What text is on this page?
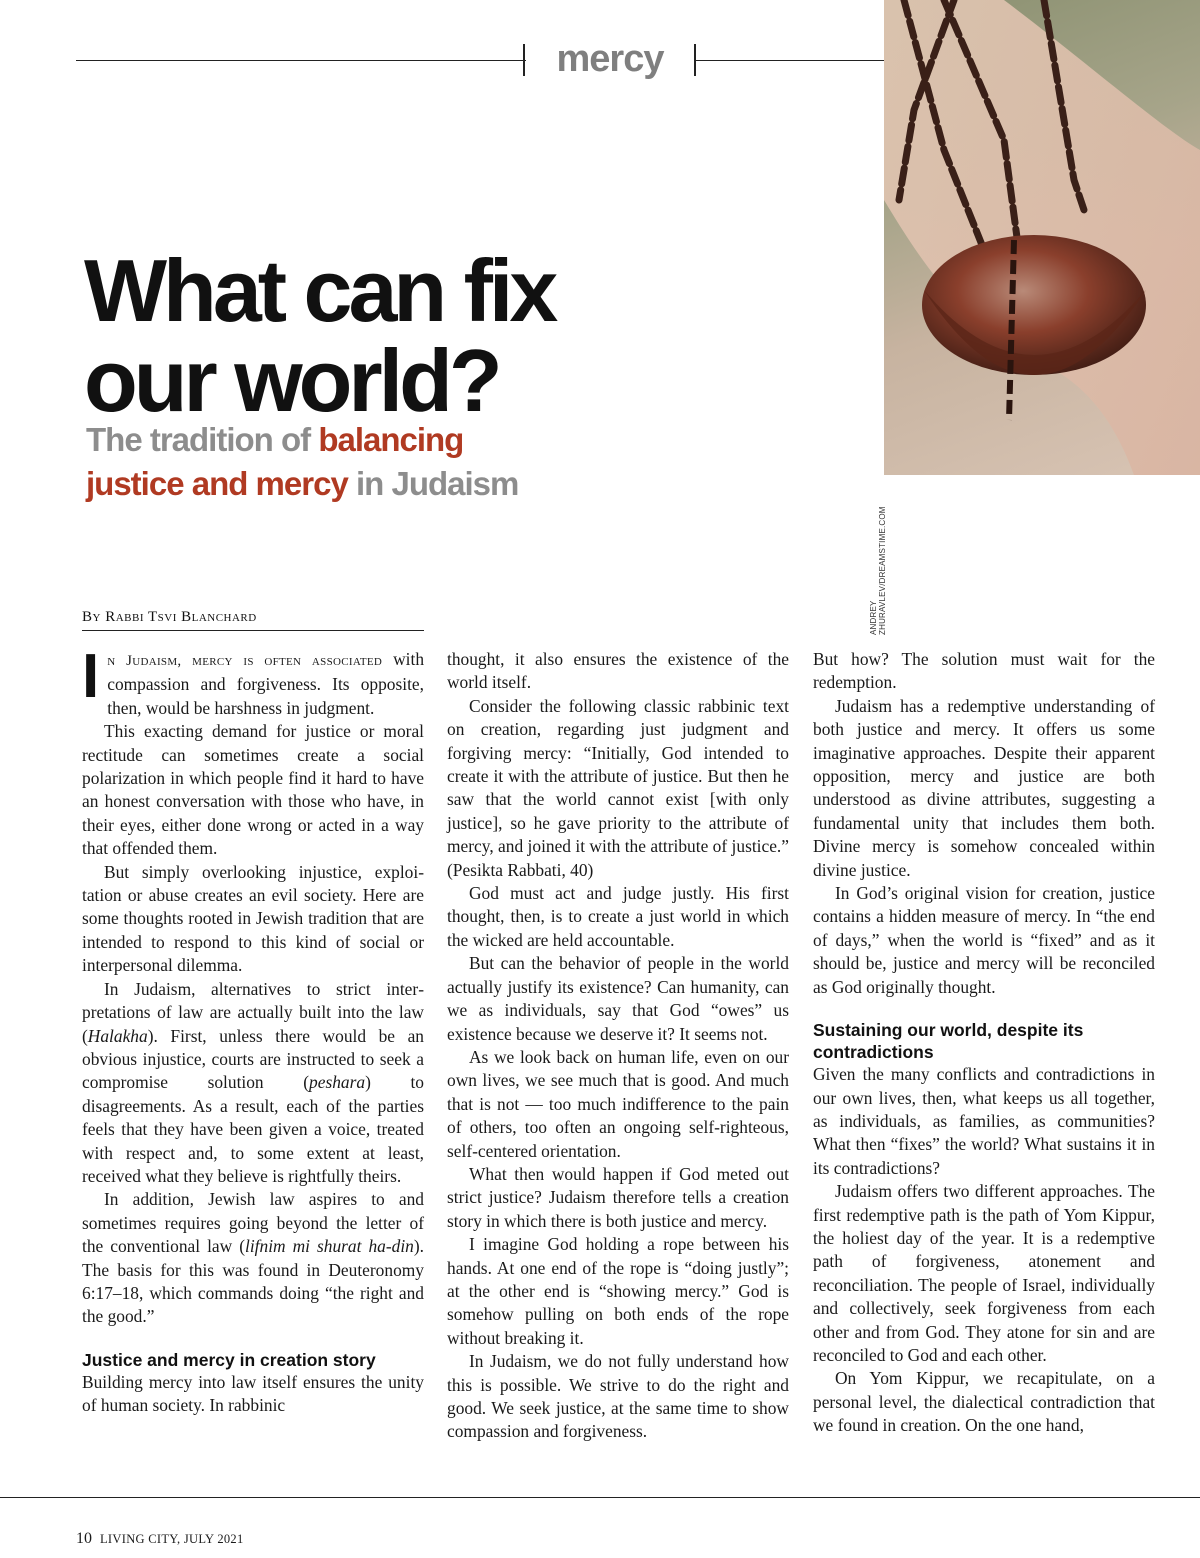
mercy
ANDREY ZHURAVLEV/DREAMSTIME.COM
What can fix
our world?
The tradition of balancing
justice and mercy in Judaism
By Rabbi Tsvi Blanchard

In Judaism, mercy is often associated with compassion and forgiveness. Its opposite, then, would be harshness in judgment.

This exacting demand for justice or moral rectitude can sometimes create a social polarization in which people find it hard to have an honest conversation with those who have, in their eyes, either done wrong or acted in a way that offended them.

But simply overlooking injustice, exploitation or abuse creates an evil society. Here are some thoughts rooted in Jewish tradition that are intended to respond to this kind of social or interpersonal dilemma.

In Judaism, alternatives to strict interpretations of law are actually built into the law (Halakha). First, unless there would be an obvious injustice, courts are instructed to seek a compromise solution (peshara) to disagreements. As a result, each of the parties feels that they have been given a voice, treated with respect and, to some extent at least, received what they believe is rightfully theirs.

In addition, Jewish law aspires to and sometimes requires going beyond the letter of the conventional law (lifnim mi shurat ha-din). The basis for this was found in Deuteronomy 6:17–18, which commands doing “the right and the good.”

Justice and mercy in creation story

Building mercy into law itself ensures the unity of human society. In rabbinic

thought, it also ensures the existence of the world itself.

Consider the following classic rabbinic text on creation, regarding just judgment and forgiving mercy: “Initially, God intended to create it with the attribute of justice. But then he saw that the world cannot exist [with only justice], so he gave priority to the attribute of mercy, and joined it with the attribute of justice.” (Pesikta Rabbati, 40)

God must act and judge justly. His first thought, then, is to create a just world in which the wicked are held accountable.

But can the behavior of people in the world actually justify its existence? Can humanity, can we as individuals, say that God “owes” us existence because we deserve it? It seems not.

As we look back on human life, even on our own lives, we see much that is good. And much that is not — too much indifference to the pain of others, too often an ongoing self-righteous, self-centered orientation.

What then would happen if God meted out strict justice? Judaism therefore tells a creation story in which there is both justice and mercy.

I imagine God holding a rope between his hands. At one end of the rope is “doing justly”; at the other end is “showing mercy.” God is somehow pulling on both ends of the rope without breaking it.

In Judaism, we do not fully understand how this is possible. We strive to do the right and good. We seek justice, at the same time to show compassion and forgiveness.

But how? The solution must wait for the redemption.

Judaism has a redemptive understanding of both justice and mercy. It offers us some imaginative approaches. Despite their apparent opposition, mercy and justice are both understood as divine attributes, suggesting a fundamental unity that includes them both. Divine mercy is somehow concealed within divine justice.

In God’s original vision for creation, justice contains a hidden measure of mercy. In “the end of days,” when the world is “fixed” and as it should be, justice and mercy will be reconciled as God originally thought.

Sustaining our world, despite its contradictions

Given the many conflicts and contradictions in our own lives, then, what keeps us all together, as individuals, as families, as communities? What then “fixes” the world? What sustains it in its contradictions?

Judaism offers two different approaches. The first redemptive path is the path of Yom Kippur, the holiest day of the year. It is a redemptive path of forgiveness, atonement and reconciliation. The people of Israel, individually and collectively, seek forgiveness from each other and from God. They atone for sin and are reconciled to God and each other.

On Yom Kippur, we recapitulate, on a personal level, the dialectical contradiction that we found in creation. On the one hand,

10 LIVING CITY, JULY 2021
